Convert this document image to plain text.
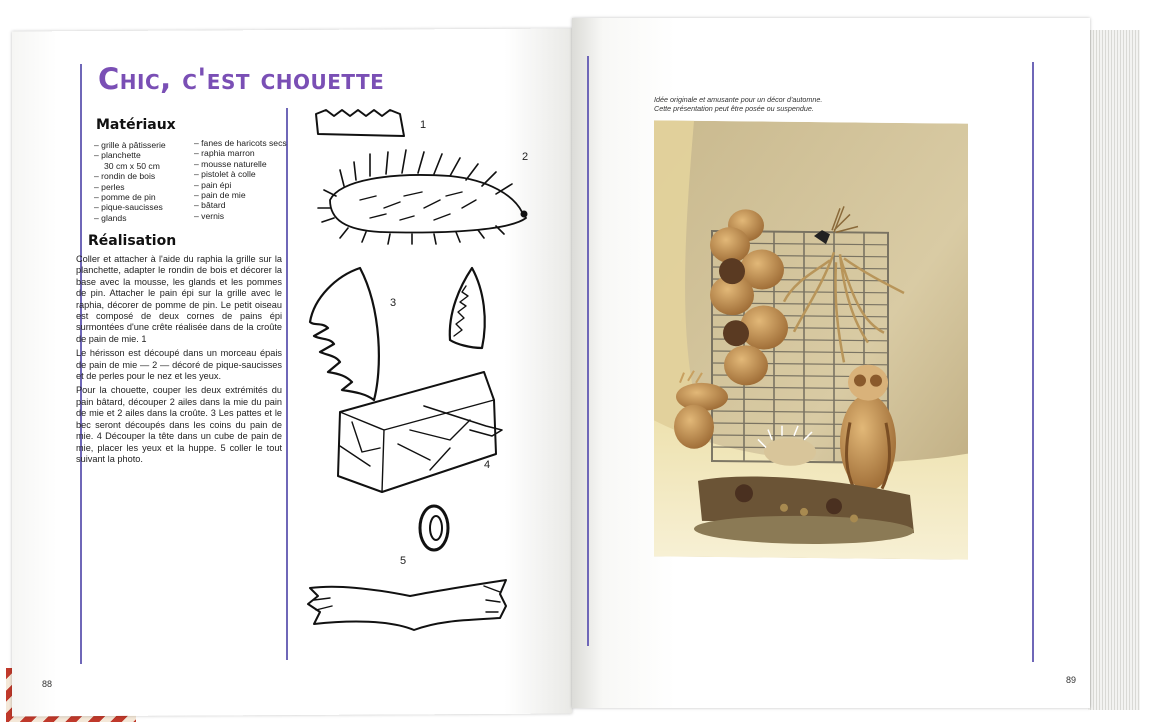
Chic, c'est chouette
Matériaux
– grille à pâtisserie
– planchette
30 cm x 50 cm
– rondin de bois
– perles
– pomme de pin
– pique-saucisses
– glands
– fanes de haricots secs
– raphia marron
– mousse naturelle
– pistolet à colle
– pain épi
– pain de mie
– bâtard
– vernis
Réalisation

Coller et attacher à l'aide du raphia la grille sur la planchette, adapter le rondin de bois et décorer la base avec la mousse, les glands et les pommes de pin. Attacher le pain épi sur la grille avec le raphia, décorer de pomme de pin. Le petit oiseau est composé de deux cornes de pains épi surmontées d'une crête réalisée dans de la croûte de pain de mie. 1

Le hérisson est découpé dans un morceau épais de pain de mie — 2 — décoré de pique-saucisses et de perles pour le nez et les yeux.

Pour la chouette, couper les deux extrémités du pain bâtard, découper 2 ailes dans la mie du pain de mie et 2 ailes dans la croûte. 3 Les pattes et le bec seront découpés dans les coins du pain de mie. 4 Découper la tête dans un cube de pain de mie, placer les yeux et la huppe. 5 coller le tout suivant la photo.

1
2
3
4
5
88
Idée originale et amusante pour un décor d'automne.
Cette présentation peut être posée ou suspendue.
89
